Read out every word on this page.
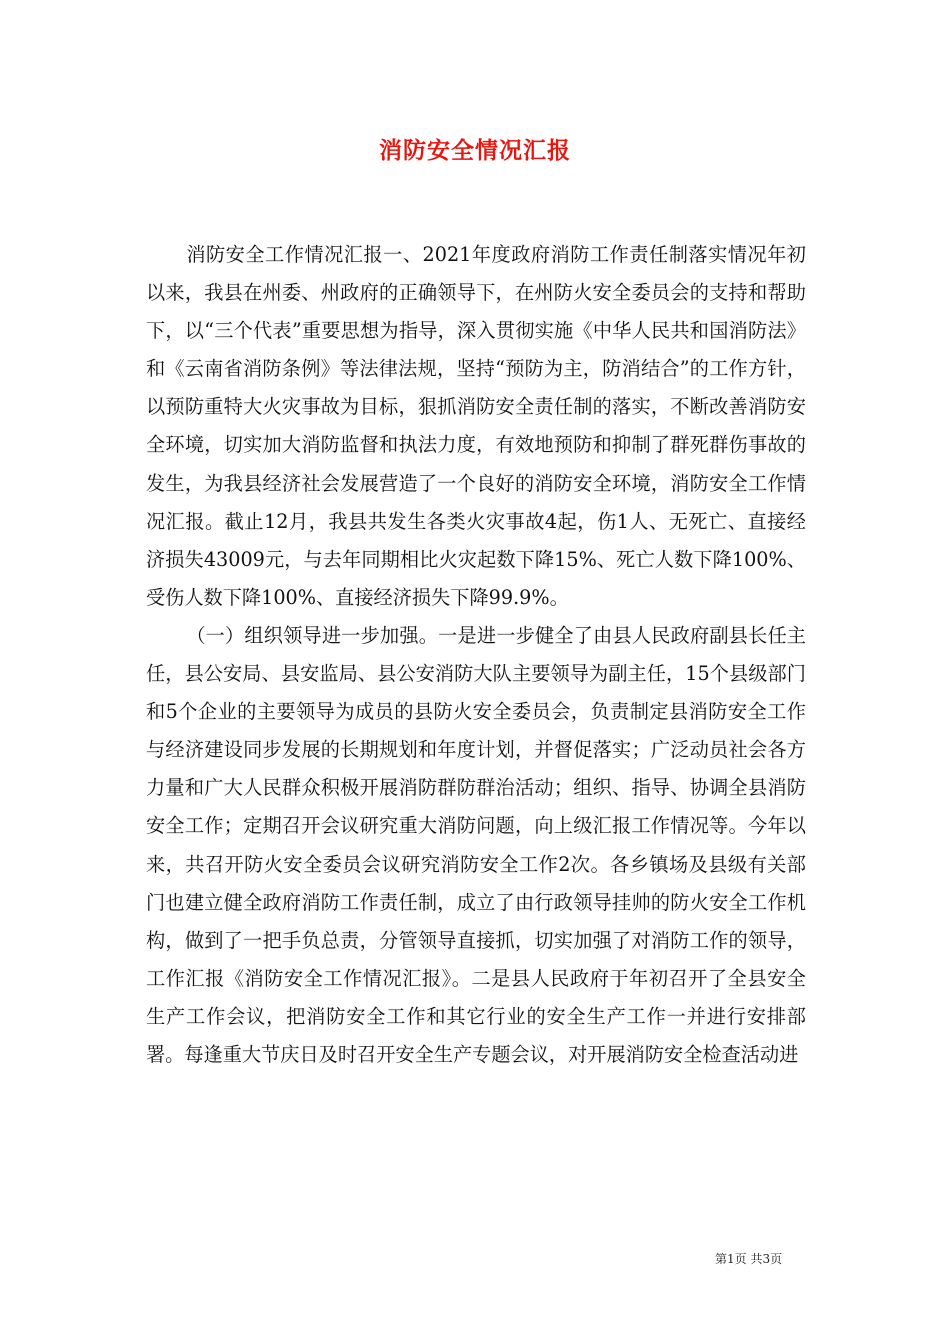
消防安全情况汇报

消防安全工作情况汇报一、2021年度政府消防工作责任制落实情况年初以来，我县在州委、州政府的正确领导下，在州防火安全委员会的支持和帮助下，以“三个代表”重要思想为指导，深入贯彻实施《中华人民共和国消防法》和《云南省消防条例》等法律法规，坚持“预防为主，防消结合”的工作方针，以预防重特大火灾事故为目标，狠抓消防安全责任制的落实，不断改善消防安全环境，切实加大消防监督和执法力度，有效地预防和抑制了群死群伤事故的发生，为我县经济社会发展营造了一个良好的消防安全环境，消防安全工作情况汇报。截止12月，我县共发生各类火灾事故4起，伤1人、无死亡、直接经济损失43009元，与去年同期相比火灾起数下降15%、死亡人数下降100%、受伤人数下降100%、直接经济损失下降99.9%。

（一）组织领导进一步加强。一是进一步健全了由县人民政府副县长任主任，县公安局、县安监局、县公安消防大队主要领导为副主任，15个县级部门和5个企业的主要领导为成员的县防火安全委员会，负责制定县消防安全工作与经济建设同步发展的长期规划和年度计划，并督促落实；广泛动员社会各方力量和广大人民群众积极开展消防群防群治活动；组织、指导、协调全县消防安全工作；定期召开会议研究重大消防问题，向上级汇报工作情况等。今年以来，共召开防火安全委员会议研究消防安全工作2次。各乡镇场及县级有关部门也建立健全政府消防工作责任制，成立了由行政领导挂帅的防火安全工作机构，做到了一把手负总责，分管领导直接抓，切实加强了对消防工作的领导，工作汇报《消防安全工作情况汇报》。二是县人民政府于年初召开了全县安全生产工作会议，把消防安全工作和其它行业的安全生产工作一并进行安排部署。每逢重大节庆日及时召开安全生产专题会议，对开展消防安全检查活动进

第1页 共3页
